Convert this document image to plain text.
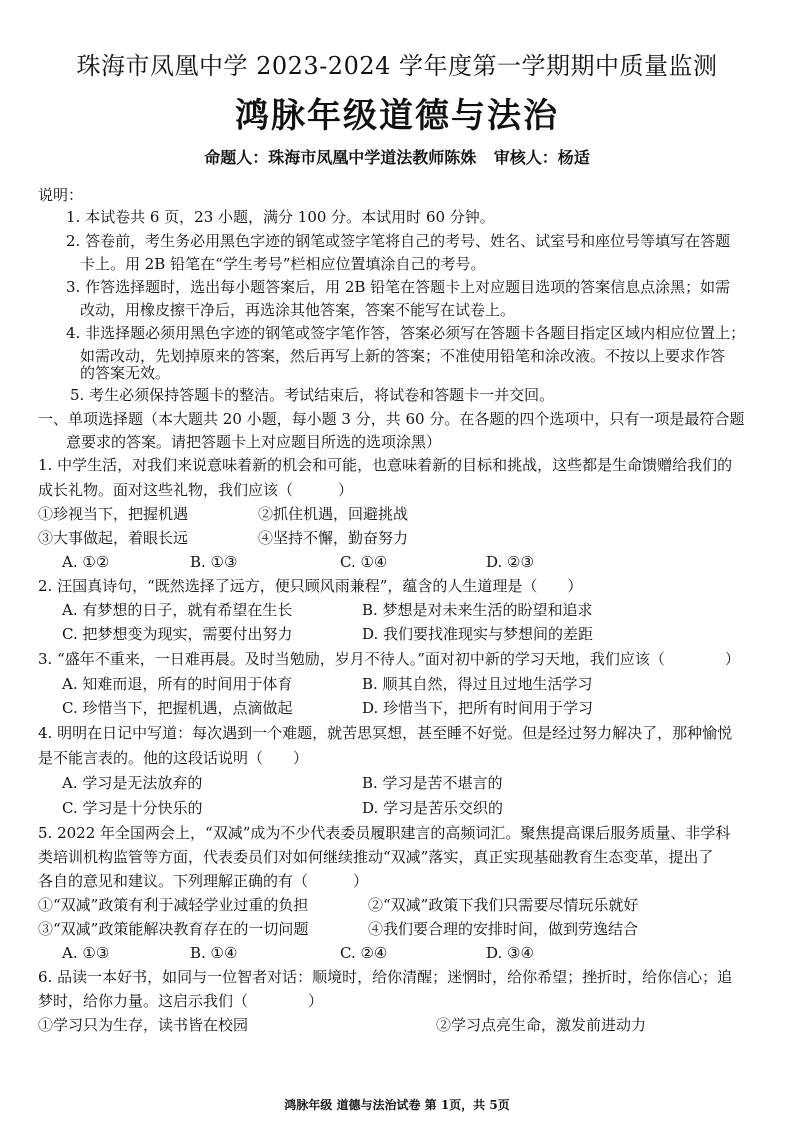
珠海市凤凰中学 2023-2024 学年度第一学期期中质量监测
鸿脉年级道德与法治
命题人：珠海市凤凰中学道法教师陈姝 审核人：杨适
说明：
1. 本试卷共 6 页，23 小题，满分 100 分。本试用时 60 分钟。
2. 答卷前，考生务必用黑色字迹的钢笔或签字笔将自己的考号、姓名、试室号和座位号等填写在答题
卡上。用 2B 铅笔在“学生考号”栏相应位置填涂自己的考号。
3. 作答选择题时，选出每小题答案后，用 2B 铅笔在答题卡上对应题目选项的答案信息点涂黑；如需
改动，用橡皮擦干净后，再选涂其他答案，答案不能写在试卷上。
4. 非选择题必须用黑色字迹的钢笔或签字笔作答，答案必须写在答题卡各题目指定区域内相应位置上；
如需改动，先划掉原来的答案，然后再写上新的答案；不准使用铅笔和涂改液。不按以上要求作答
的答案无效。
5. 考生必须保持答题卡的整洁。考试结束后，将试卷和答题卡一并交回。
一、单项选择题（本大题共 20 小题，每小题 3 分，共 60 分。在各题的四个选项中，只有一项是最符合题
意要求的答案。请把答题卡上对应题目所选的选项涂黑）
1. 中学生活，对我们来说意味着新的机会和可能，也意味着新的目标和挑战，这些都是生命馈赠给我们的
成长礼物。面对这些礼物，我们应该（　　　）
①珍视当下，把握机遇	②抓住机遇，回避挑战
③大事做起，着眼长远	④坚持不懈，勤奋努力
A. ①②	B. ①③	C. ①④	D. ②③
2. 汪国真诗句，“既然选择了远方，便只顾风雨兼程”，蕴含的人生道理是（　　）
A. 有梦想的日子，就有希望在生长	B. 梦想是对未来生活的盼望和追求
C. 把梦想变为现实，需要付出努力	D. 我们要找准现实与梦想间的差距
3. “盛年不重来，一日难再晨。及时当勉励，岁月不待人。”面对初中新的学习天地，我们应该（　　　　）
A. 知难而退，所有的时间用于体育	B. 顺其自然，得过且过地生活学习
C. 珍惜当下，把握机遇，点滴做起	D. 珍惜当下，把所有时间用于学习
4. 明明在日记中写道：每次遇到一个难题，就苦思冥想，甚至睡不好觉。但是经过努力解决了，那种愉悦
是不能言表的。他的这段话说明（　　）
A. 学习是无法放弃的	B. 学习是苦不堪言的
C. 学习是十分快乐的	D. 学习是苦乐交织的
5. 2022 年全国两会上，“双减”成为不少代表委员履职建言的高频词汇。聚焦提高课后服务质量、非学科
类培训机构监管等方面，代表委员们对如何继续推动“双减”落实，真正实现基础教育生态变革，提出了
各自的意见和建议。下列理解正确的有（　　　）
①“双减”政策有利于减轻学业过重的负担	②“双减”政策下我们只需要尽情玩乐就好
③“双减”政策能解决教育存在的一切问题	④我们要合理的安排时间，做到劳逸结合
A. ①③	B. ①④	C. ②④	D. ③④
6. 品读一本好书，如同与一位智者对话：顺境时，给你清醒；迷惘时，给你希望；挫折时，给你信心；追
梦时，给你力量。这启示我们（　　　　）
①学习只为生存，读书皆在校园	②学习点亮生命，激发前进动力
鸿脉年级 道德与法治试卷 第 1页，共 5页
